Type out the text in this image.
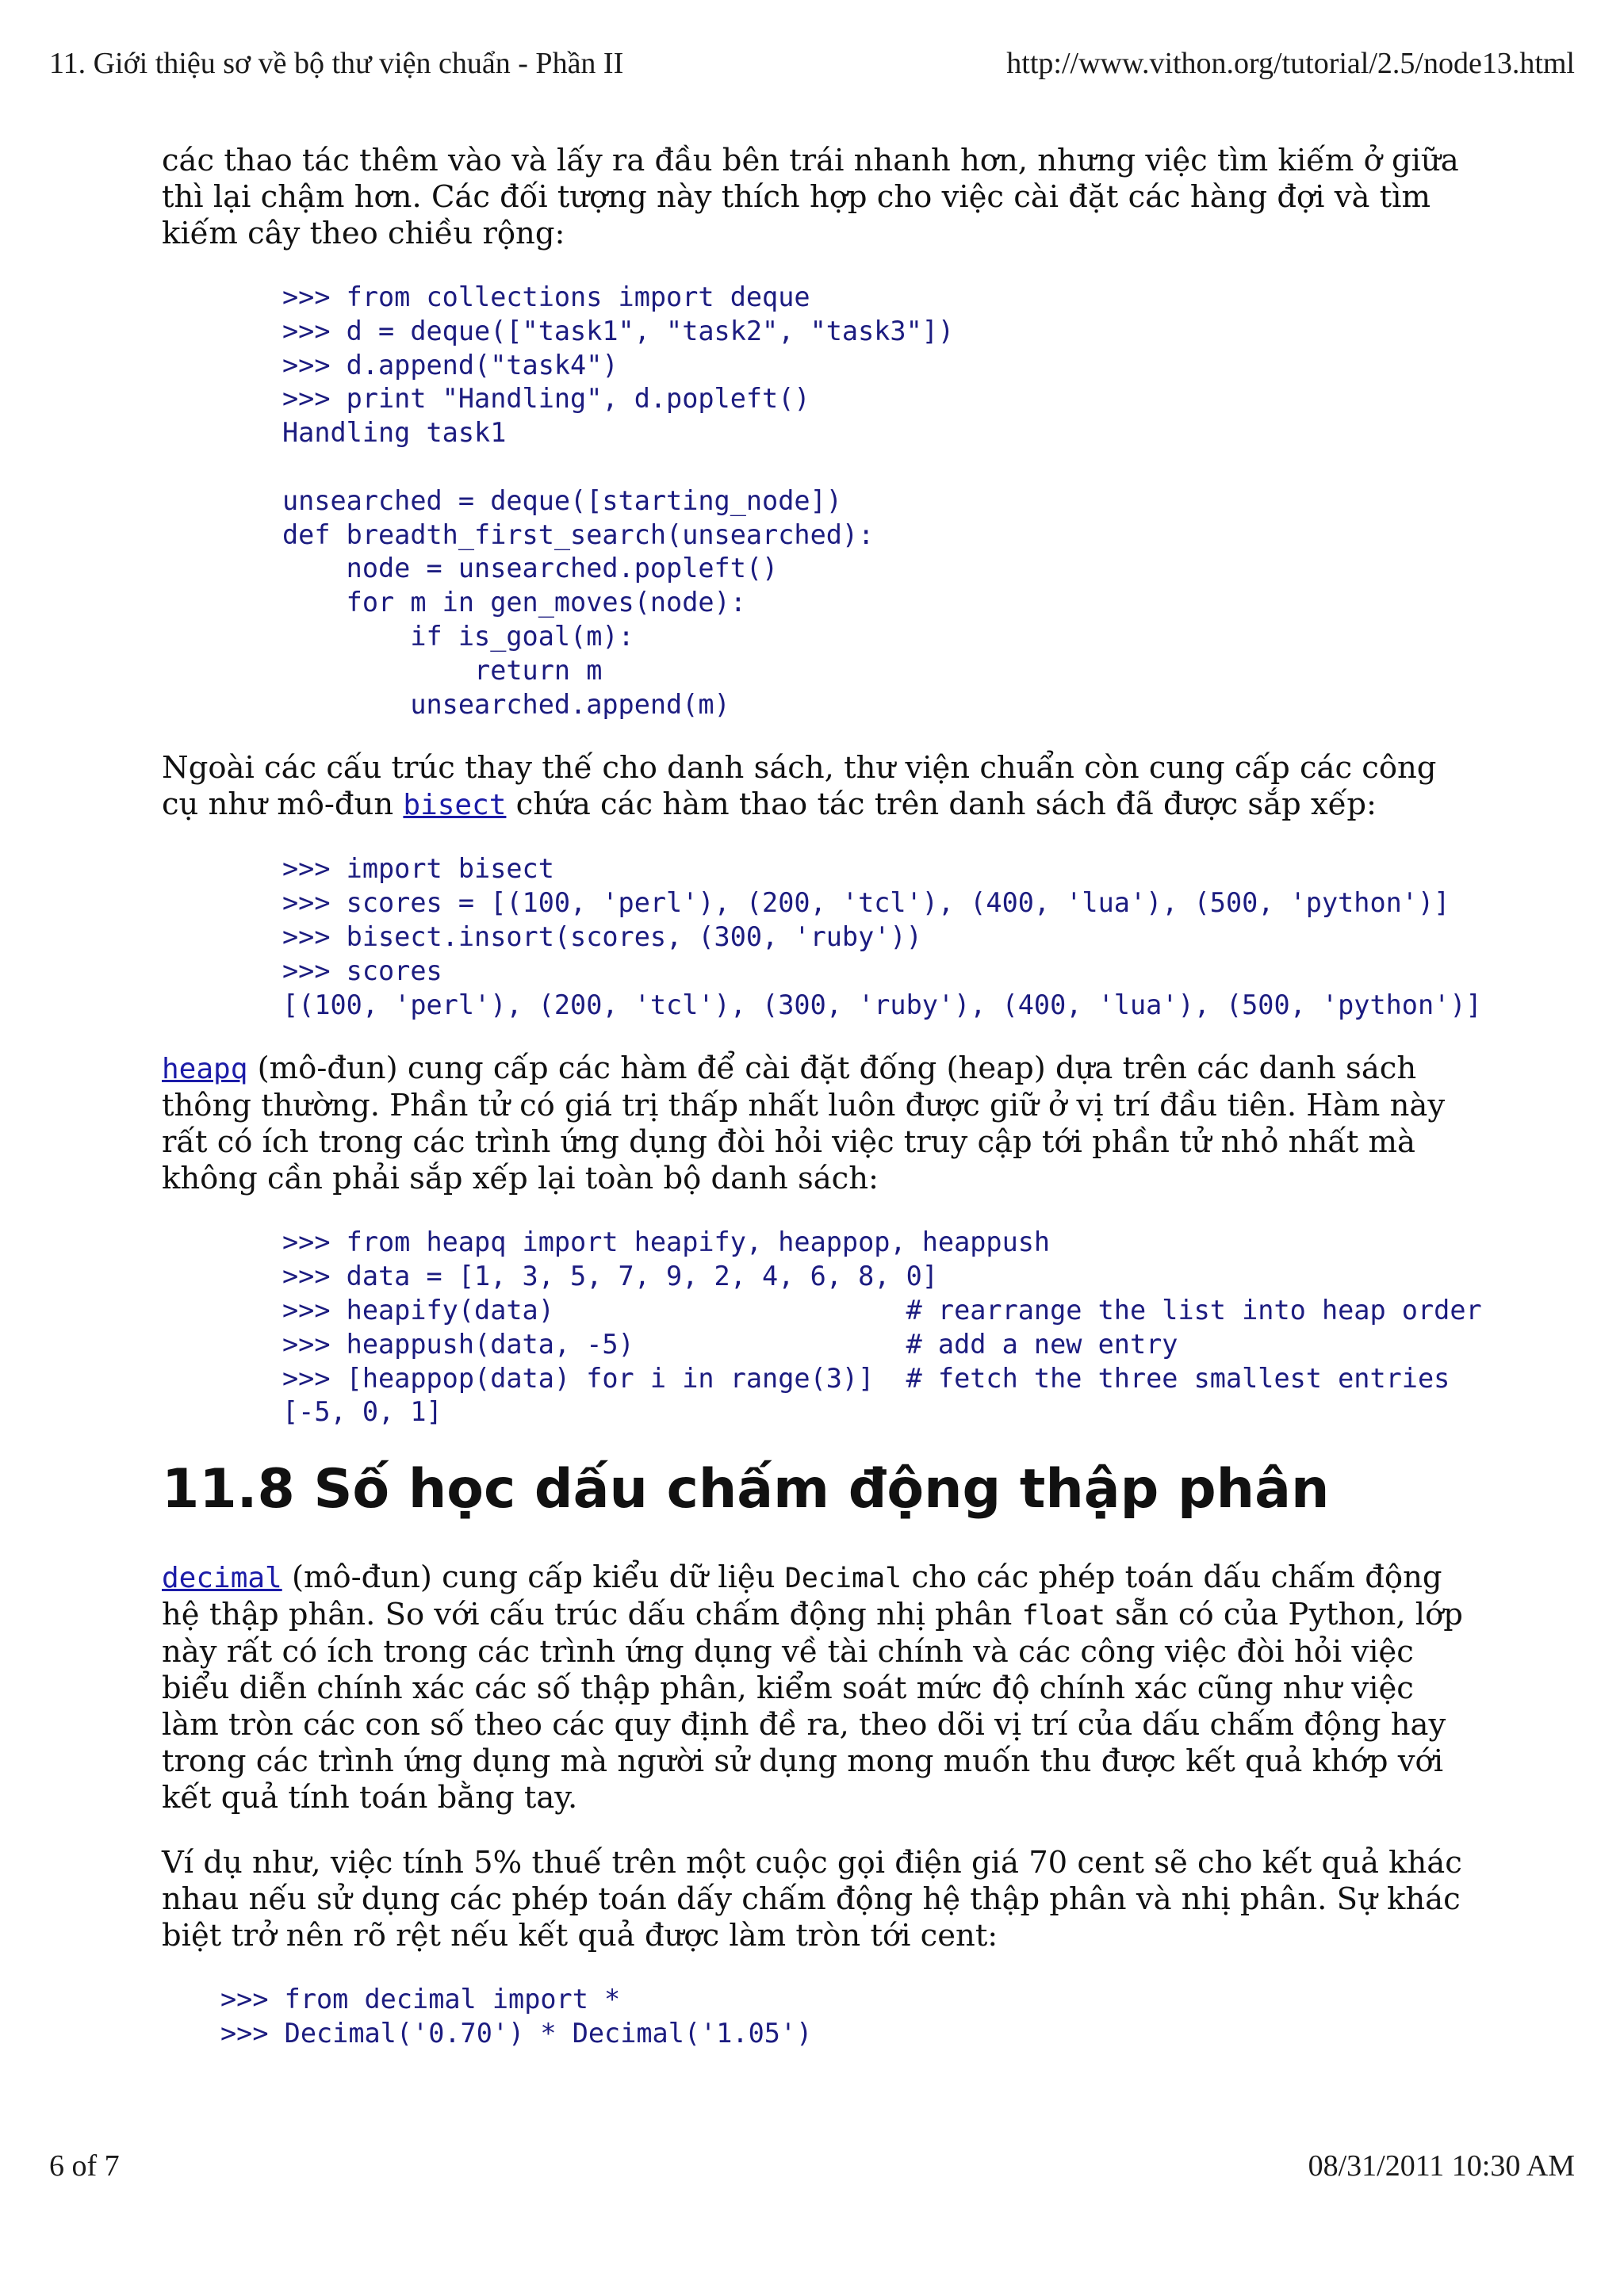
11. Giới thiệu sơ về bộ thư viện chuẩn - Phần II	http://www.vithon.org/tutorial/2.5/node13.html

các thao tác thêm vào và lấy ra đầu bên trái nhanh hơn, nhưng việc tìm kiếm ở giữa thì lại chậm hơn. Các đối tượng này thích hợp cho việc cài đặt các hàng đợi và tìm kiếm cây theo chiều rộng:

>>> from collections import deque
>>> d = deque(["task1", "task2", "task3"])
>>> d.append("task4")
>>> print "Handling", d.popleft()
Handling task1

unsearched = deque([starting_node])
def breadth_first_search(unsearched):
node = unsearched.popleft()
for m in gen_moves(node):
if is_goal(m):
return m
unsearched.append(m)

Ngoài các cấu trúc thay thế cho danh sách, thư viện chuẩn còn cung cấp các công cụ như mô-đun bisect chứa các hàm thao tác trên danh sách đã được sắp xếp:

>>> import bisect
>>> scores = [(100, 'perl'), (200, 'tcl'), (400, 'lua'), (500, 'python')]
>>> bisect.insort(scores, (300, 'ruby'))
>>> scores
[(100, 'perl'), (200, 'tcl'), (300, 'ruby'), (400, 'lua'), (500, 'python')]

heapq (mô-đun) cung cấp các hàm để cài đặt đống (heap) dựa trên các danh sách thông thường. Phần tử có giá trị thấp nhất luôn được giữ ở vị trí đầu tiên. Hàm này rất có ích trong các trình ứng dụng đòi hỏi việc truy cập tới phần tử nhỏ nhất mà không cần phải sắp xếp lại toàn bộ danh sách:

>>> from heapq import heapify, heappop, heappush
>>> data = [1, 3, 5, 7, 9, 2, 4, 6, 8, 0]
>>> heapify(data)                      # rearrange the list into heap order
>>> heappush(data, -5)                 # add a new entry
>>> [heappop(data) for i in range(3)]  # fetch the three smallest entries
[-5, 0, 1]
11.8 Số học dấu chấm động thập phân

decimal (mô-đun) cung cấp kiểu dữ liệu Decimal cho các phép toán dấu chấm động hệ thập phân. So với cấu trúc dấu chấm động nhị phân float sẵn có của Python, lớp này rất có ích trong các trình ứng dụng về tài chính và các công việc đòi hỏi việc biểu diễn chính xác các số thập phân, kiểm soát mức độ chính xác cũng như việc làm tròn các con số theo các quy định đề ra, theo dõi vị trí của dấu chấm động hay trong các trình ứng dụng mà người sử dụng mong muốn thu được kết quả khớp với kết quả tính toán bằng tay.

Ví dụ như, việc tính 5% thuế trên một cuộc gọi điện giá 70 cent sẽ cho kết quả khác nhau nếu sử dụng các phép toán dấy chấm động hệ thập phân và nhị phân. Sự khác biệt trở nên rõ rệt nếu kết quả được làm tròn tới cent:

>>> from decimal import *
>>> Decimal('0.70') * Decimal('1.05')
6 of 7	08/31/2011 10:30 AM
